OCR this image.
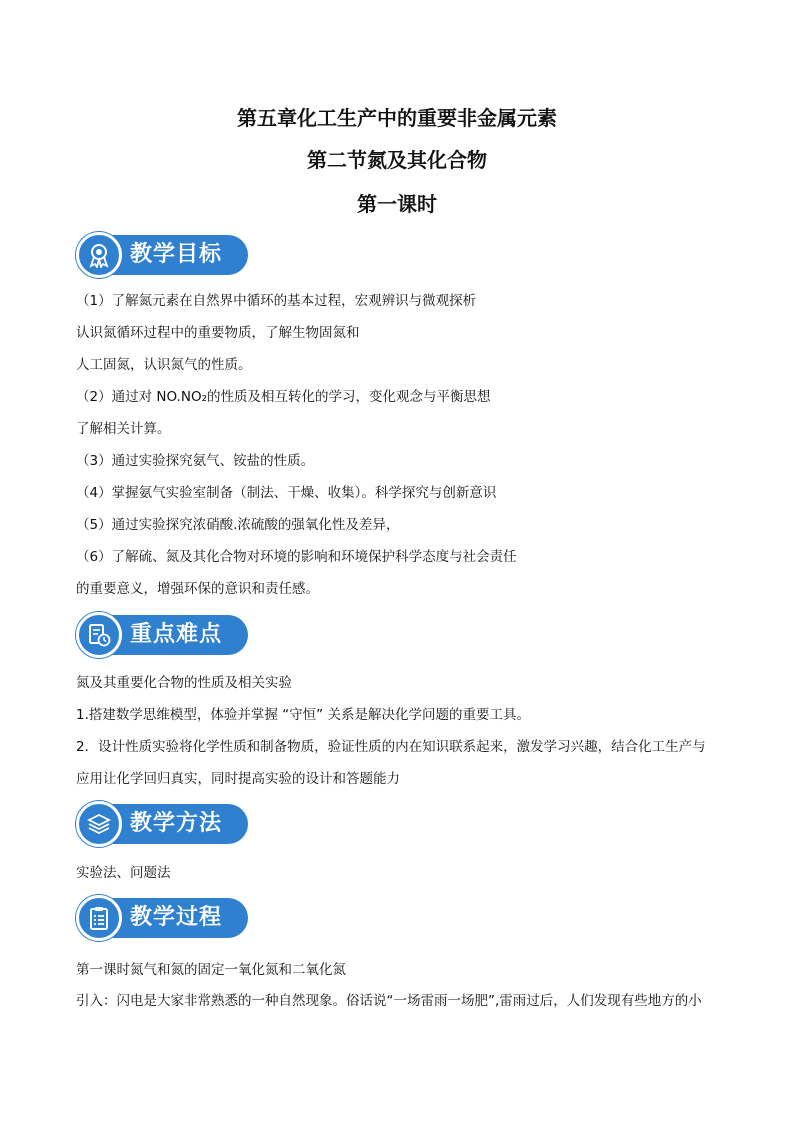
第五章化工生产中的重要非金属元素
第二节氮及其化合物
第一课时
教学目标

（1）了解氮元素在自然界中循环的基本过程，宏观辨识与微观探析

认识氮循环过程中的重要物质，了解生物固氮和

人工固氮，认识氮气的性质。

（2）通过对 NO.NO₂的性质及相互转化的学习，变化观念与平衡思想

了解相关计算。

（3）通过实验探究氨气、铵盐的性质。

（4）掌握氨气实验室制备（制法、干燥、收集）。科学探究与创新意识

（5）通过实验探究浓硝酸.浓硫酸的强氧化性及差异，

（6）了解硫、氮及其化合物对环境的影响和环境保护科学态度与社会责任

的重要意义，增强环保的意识和责任感。

重点难点

氮及其重要化合物的性质及相关实验

1.搭建数学思维模型，体验并掌握 “守恒” 关系是解决化学问题的重要工具。

2．设计性质实验将化学性质和制备物质，验证性质的内在知识联系起来，激发学习兴趣，结合化工生产与

应用让化学回归真实，同时提高实验的设计和答题能力

教学方法

实验法、问题法

教学过程

第一课时氮气和氮的固定一氧化氮和二氧化氮

引入：闪电是大家非常熟悉的一种自然现象。俗话说“一场雷雨一场肥”,雷雨过后，人们发现有些地方的小
